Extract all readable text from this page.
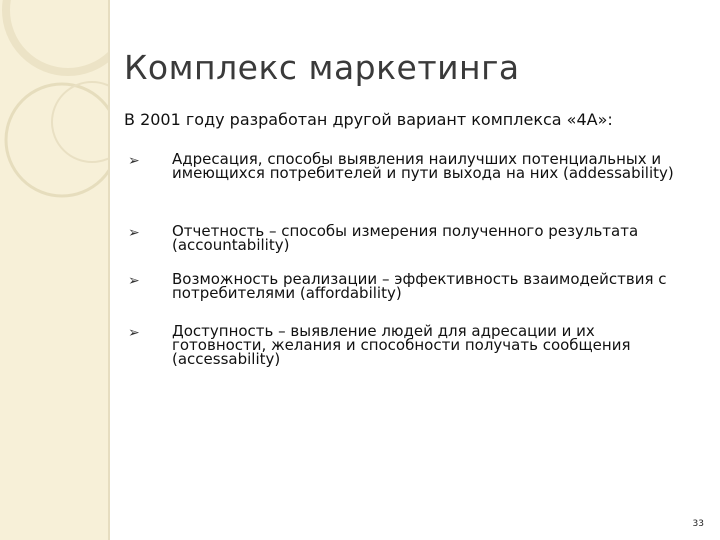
Комплекс маркетинга
В 2001 году разработан другой вариант комплекса «4А»:
➢ Адресация, способы выявления наилучших потенциальных и имеющихся потребителей и пути выхода на них (addessability)
➢ Отчетность – способы измерения полученного результата (accountability)
➢ Возможность реализации – эффективность взаимодействия с потребителями (affordability)
➢ Доступность – выявление людей для адресации и их готовности, желания и способности получать сообщения (accessability)
33
